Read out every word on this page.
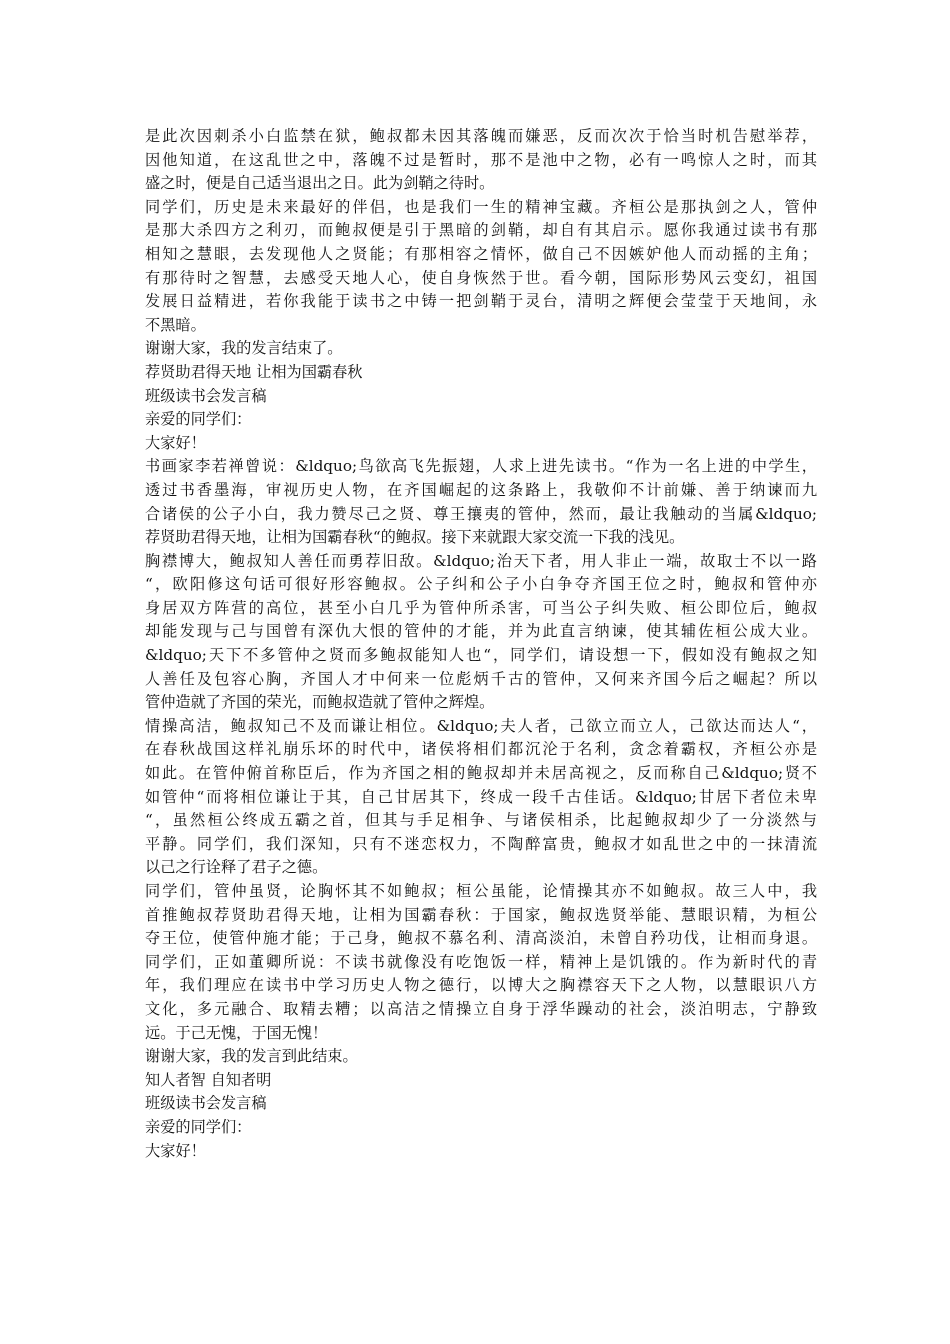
是此次因刺杀小白监禁在狱，鲍叔都未因其落魄而嫌恶，反而次次于恰当时机告慰举荐，
因他知道，在这乱世之中，落魄不过是暂时，那不是池中之物，必有一鸣惊人之时，而其
盛之时，便是自己适当退出之日。此为剑鞘之待时。
同学们，历史是未来最好的伴侣，也是我们一生的精神宝藏。齐桓公是那执剑之人，管仲
是那大杀四方之利刃，而鲍叔便是引于黑暗的剑鞘，却自有其启示。愿你我通过读书有那
相知之慧眼，去发现他人之贤能；有那相容之情怀，做自己不因嫉妒他人而动摇的主角；
有那待时之智慧，去感受天地人心，使自身恢然于世。看今朝，国际形势风云变幻，祖国
发展日益精进，若你我能于读书之中铸一把剑鞘于灵台，清明之辉便会莹莹于天地间，永
不黑暗。
谢谢大家，我的发言结束了。
荐贤助君得天地 让相为国霸春秋
班级读书会发言稿
亲爱的同学们：
大家好！
书画家李若禅曾说：&ldquo;鸟欲高飞先振翅，人求上进先读书。“作为一名上进的中学生，
透过书香墨海，审视历史人物，在齐国崛起的这条路上，我敬仰不计前嫌、善于纳谏而九
合诸侯的公子小白，我力赞尽己之贤、尊王攘夷的管仲，然而，最让我触动的当属&ldquo;
荐贤助君得天地，让相为国霸春秋“的鲍叔。接下来就跟大家交流一下我的浅见。
胸襟博大，鲍叔知人善任而勇荐旧敌。&ldquo;治天下者，用人非止一端，故取士不以一路
“，欧阳修这句话可很好形容鲍叔。公子纠和公子小白争夺齐国王位之时，鲍叔和管仲亦
身居双方阵营的高位，甚至小白几乎为管仲所杀害，可当公子纠失败、桓公即位后，鲍叔
却能发现与己与国曾有深仇大恨的管仲的才能，并为此直言纳谏，使其辅佐桓公成大业。
&ldquo;天下不多管仲之贤而多鲍叔能知人也“，同学们，请设想一下，假如没有鲍叔之知
人善任及包容心胸，齐国人才中何来一位彪炳千古的管仲，又何来齐国今后之崛起？所以
管仲造就了齐国的荣光，而鲍叔造就了管仲之辉煌。
情操高洁，鲍叔知己不及而谦让相位。&ldquo;夫人者，己欲立而立人，己欲达而达人“，
在春秋战国这样礼崩乐坏的时代中，诸侯将相们都沉沦于名利，贪念着霸权，齐桓公亦是
如此。在管仲俯首称臣后，作为齐国之相的鲍叔却并未居高视之，反而称自己&ldquo;贤不
如管仲“而将相位谦让于其，自己甘居其下，终成一段千古佳话。&ldquo;甘居下者位未卑
“，虽然桓公终成五霸之首，但其与手足相争、与诸侯相杀，比起鲍叔却少了一分淡然与
平静。同学们，我们深知，只有不迷恋权力，不陶醉富贵，鲍叔才如乱世之中的一抹清流
以己之行诠释了君子之德。
同学们，管仲虽贤，论胸怀其不如鲍叔；桓公虽能，论情操其亦不如鲍叔。故三人中，我
首推鲍叔荐贤助君得天地，让相为国霸春秋：于国家，鲍叔选贤举能、慧眼识精，为桓公
夺王位，使管仲施才能；于己身，鲍叔不慕名利、清高淡泊，未曾自矜功伐，让相而身退。
同学们，正如董卿所说：不读书就像没有吃饱饭一样，精神上是饥饿的。作为新时代的青
年，我们理应在读书中学习历史人物之德行，以博大之胸襟容天下之人物，以慧眼识八方
文化，多元融合、取精去糟；以高洁之情操立自身于浮华躁动的社会，淡泊明志，宁静致
远。于己无愧，于国无愧！
谢谢大家，我的发言到此结束。
知人者智 自知者明
班级读书会发言稿
亲爱的同学们：
大家好！
